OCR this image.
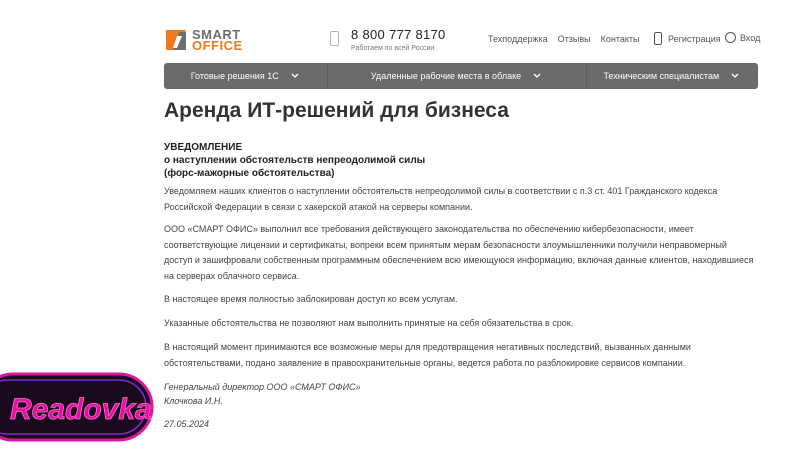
SMART
OFFICE
8 800 777 8170
Работаем по всей России
Техподдержка Отзывы Контакты	Регистрация Вход
Готовые решения 1С	Удаленные рабочие места в облаке	Техническим специалистам
Аренда ИТ-решений для бизнеса
УВЕДОМЛЕНИЕ
о наступлении обстоятельств непреодолимой силы
(форс-мажорные обстоятельства)

Уведомляем наших клиентов о наступлении обстоятельств непреодолимой силы в соответствии с п.3 ст. 401 Гражданского кодекса Российской Федерации в связи с хакерской атакой на серверы компании.

ООО «СМАРТ ОФИС» выполнил все требования действующего законодательства по обеспечению кибербезопасности, имеет соответствующие лицензии и сертификаты, вопреки всем принятым мерам безопасности злоумышленники получили неправомерный доступ и зашифровали собственным программным обеспечением всю имеющуюся информацию, включая данные клиентов, находившиеся на серверах облачного сервиса.

В настоящее время полностью заблокирован доступ ко всем услугам.

Указанные обстоятельства не позволяют нам выполнить принятые на себя обязательства в срок.

В настоящий момент принимаются все возможные меры для предотвращения негативных последствий, вызванных данными обстоятельствами, подано заявление в правоохранительные органы, ведется работа по разблокировке сервисов компании.

Генеральный директор ООО «СМАРТ ОФИС»
Клочкова И.Н.
27.05.2024
Readovka
